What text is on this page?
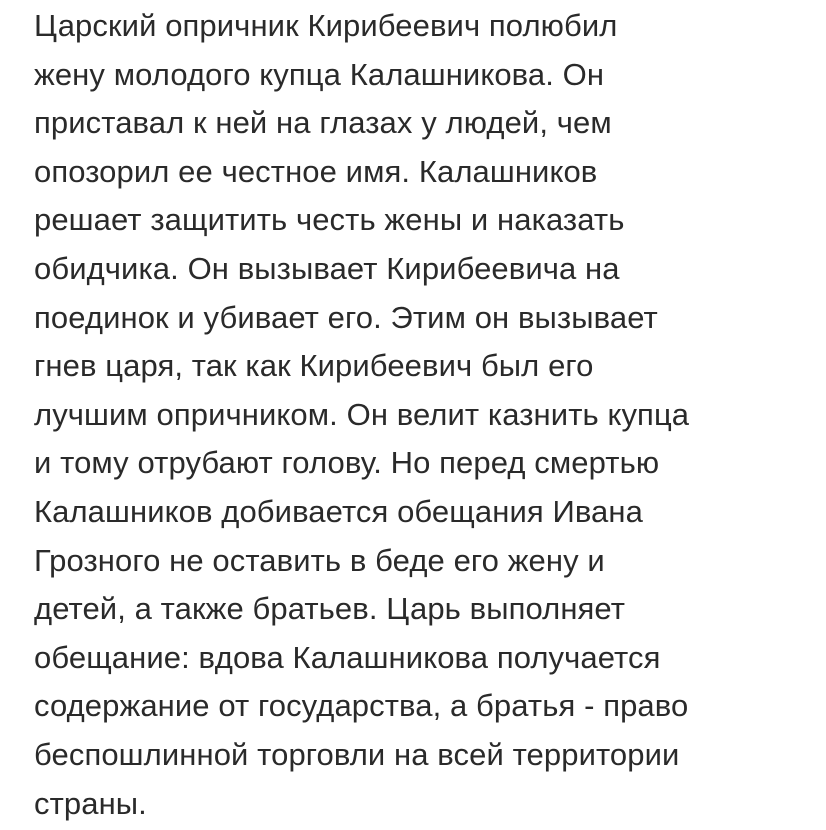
Царский опричник Кирибеевич полюбил
жену молодого купца Калашникова. Он
приставал к ней на глазах у людей, чем
опозорил ее честное имя. Калашников
решает защитить честь жены и наказать
обидчика. Он вызывает Кирибеевича на
поединок и убивает его. Этим он вызывает
гнев царя, так как Кирибеевич был его
лучшим опричником. Он велит казнить купца
и тому отрубают голову. Но перед смертью
Калашников добивается обещания Ивана
Грозного не оставить в беде его жену и
детей, а также братьев. Царь выполняет
обещание: вдова Калашникова получается
содержание от государства, а братья - право
беспошлинной торговли на всей территории
страны.
